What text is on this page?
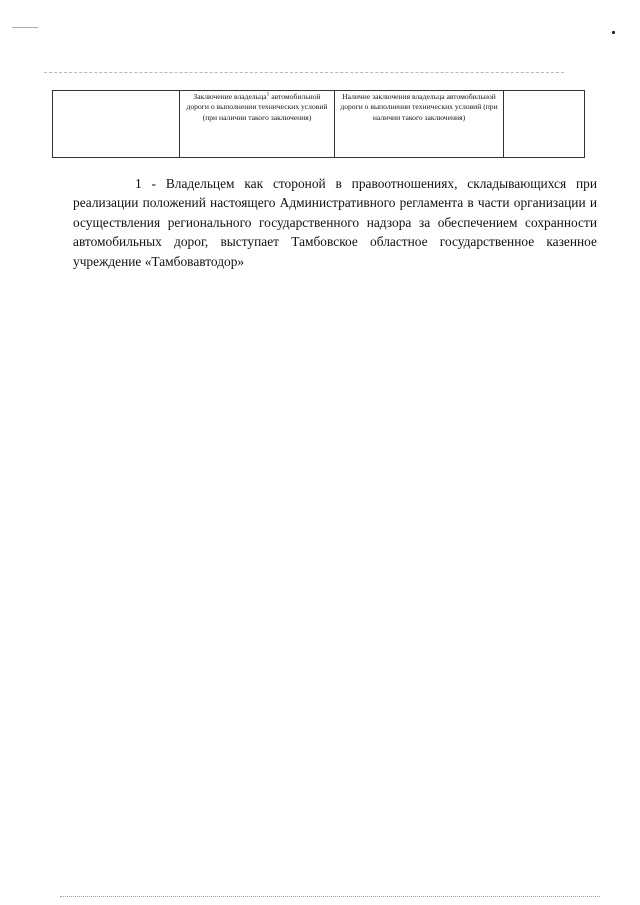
	Заключение владельца$^1$ автомобильной дороги о выполнении технических условий (при наличии такого заключения)	Наличие заключения владельца автомобильной дороги о выполнении технических условий (при наличии такого заключения)	

1 - Владельцем как стороной в правоотношениях, складывающихся при реализации положений настоящего Административного регламента в части организации и осуществления регионального государственного надзора за обеспечением сохранности автомобильных дорог, выступает Тамбовское областное государственное казенное учреждение «Тамбовавтодор»
